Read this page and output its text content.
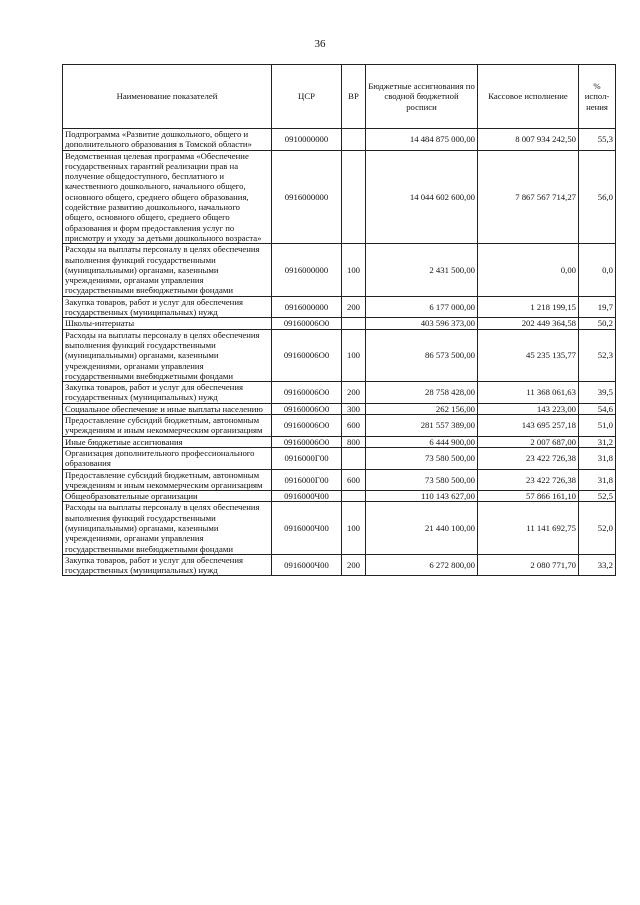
36
Наименование показателей	ЦСР	ВР	Бюджетные ассигнования по сводной бюджетной росписи	Кассовое исполнение	% испол-нения
Подпрограмма «Развитие дошкольного, общего и дополнительного образования в Томской области»	0910000000		14 484 875 000,00	8 007 934 242,50	55,3
Ведомственная целевая программа «Обеспечение государственных гарантий реализации прав на получение общедоступного, бесплатного и качественного дошкольного, начального общего, основного общего, среднего общего образования, содействие развитию дошкольного, начального общего, основного общего, среднего общего образования и форм предоставления услуг по присмотру и уходу за детьми дошкольного возраста»	0916000000		14 044 602 600,00	7 867 567 714,27	56,0
Расходы на выплаты персоналу в целях обеспечения выполнения функций государственными (муниципальными) органами, казенными учреждениями, органами управления государственными внебюджетными фондами	0916000000	100	2 431 500,00	0,00	0,0
Закупка товаров, работ и услуг для обеспечения государственных (муниципальных) нужд	0916000000	200	6 177 000,00	1 218 199,15	19,7
Школы-интернаты	09160006О0		403 596 373,00	202 449 364,58	50,2
Расходы на выплаты персоналу в целях обеспечения выполнения функций государственными (муниципальными) органами, казенными учреждениями, органами управления государственными внебюджетными фондами	09160006О0	100	86 573 500,00	45 235 135,77	52,3
Закупка товаров, работ и услуг для обеспечения государственных (муниципальных) нужд	09160006О0	200	28 758 428,00	11 368 061,63	39,5
Социальное обеспечение и иные выплаты населению	09160006О0	300	262 156,00	143 223,00	54,6
Предоставление субсидий бюджетным, автономным учреждениям и иным некоммерческим организациям	09160006О0	600	281 557 389,00	143 695 257,18	51,0
Иные бюджетные ассигнования	09160006О0	800	6 444 900,00	2 007 687,00	31,2
Организация дополнительного профессионального образования	0916000Г00		73 580 500,00	23 422 726,38	31,8
Предоставление субсидий бюджетным, автономным учреждениям и иным некоммерческим организациям	0916000Г00	600	73 580 500,00	23 422 726,38	31,8
Общеобразовательные организации	0916000Ч00		110 143 627,00	57 866 161,10	52,5
Расходы на выплаты персоналу в целях обеспечения выполнения функций государственными (муниципальными) органами, казенными учреждениями, органами управления государственными внебюджетными фондами	0916000Ч00	100	21 440 100,00	11 141 692,75	52,0
Закупка товаров, работ и услуг для обеспечения государственных (муниципальных) нужд	0916000Ч00	200	6 272 800,00	2 080 771,70	33,2
